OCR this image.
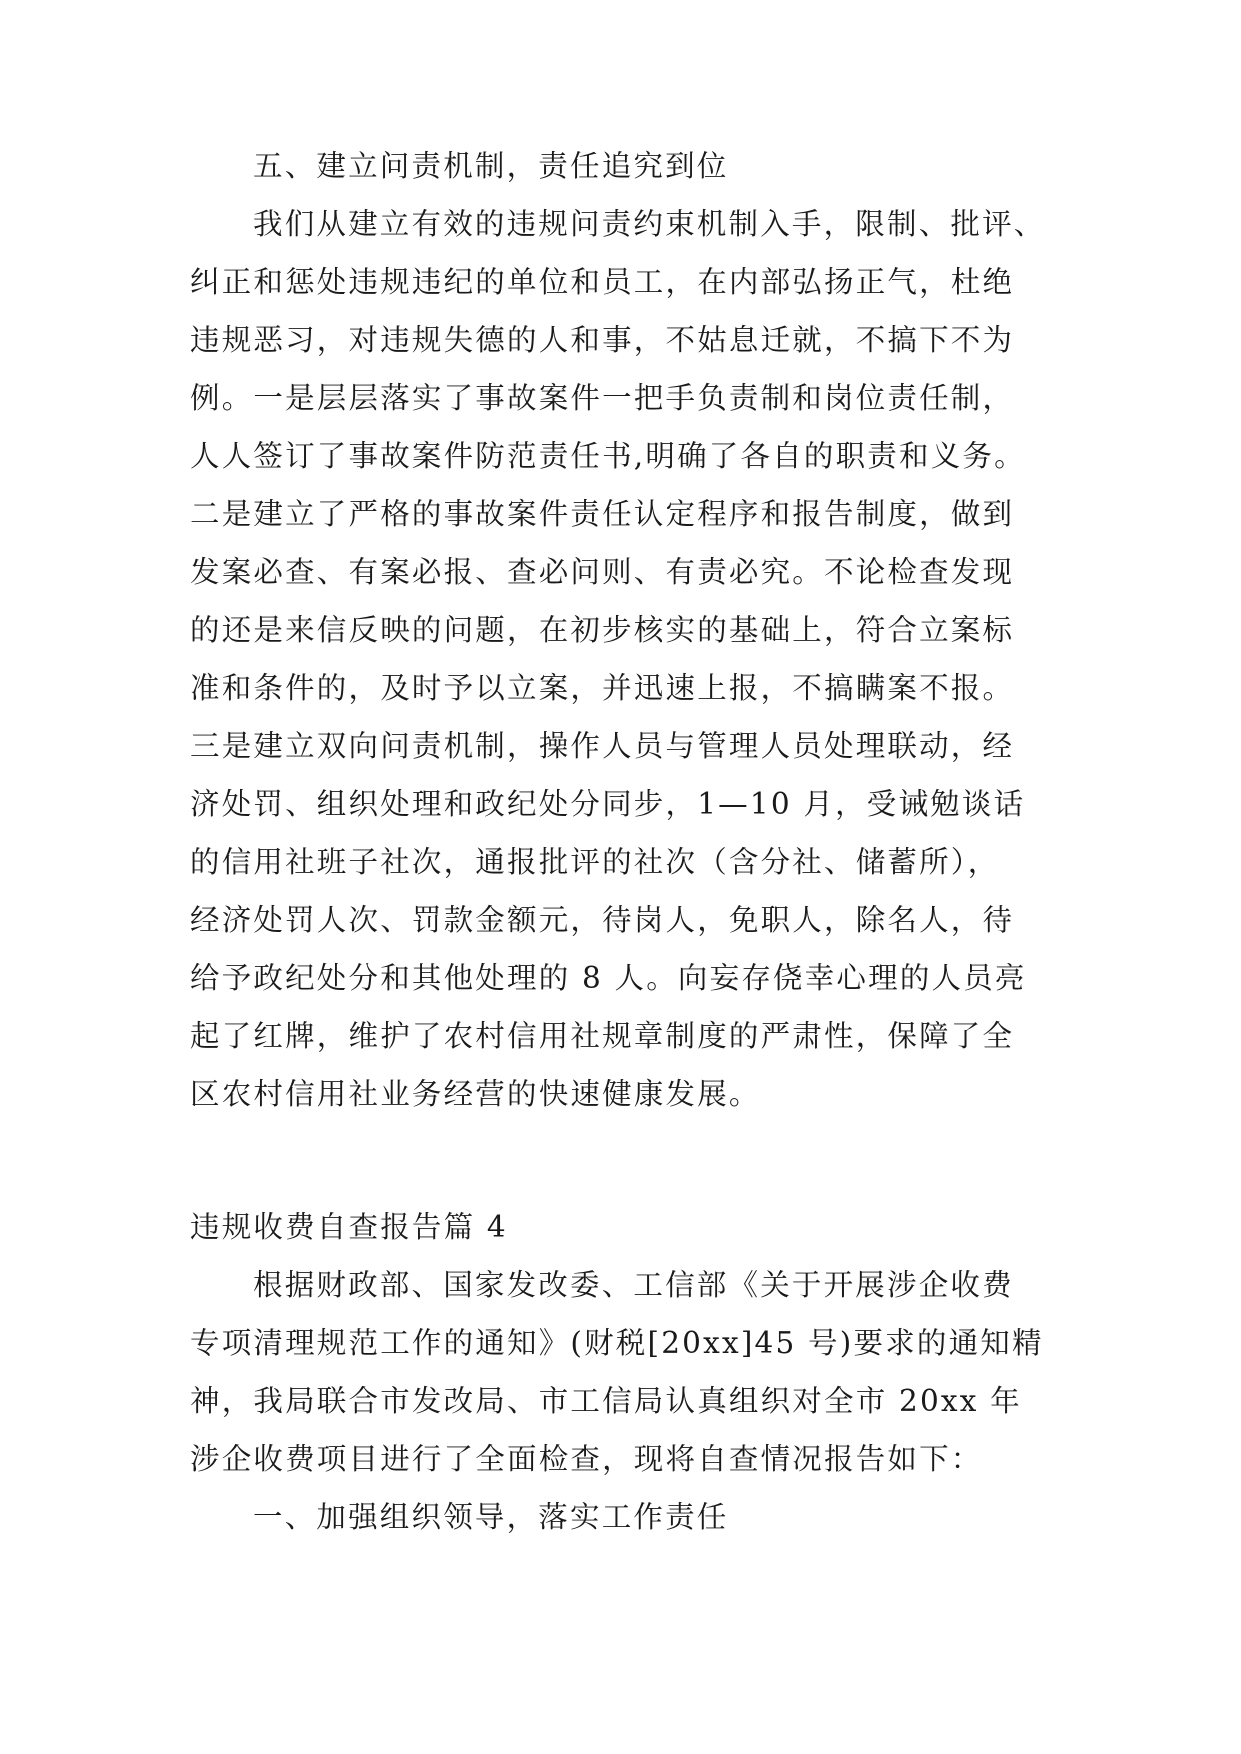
五、建立问责机制，责任追究到位
我们从建立有效的违规问责约束机制入手，限制、批评、
纠正和惩处违规违纪的单位和员工，在内部弘扬正气，杜绝
违规恶习，对违规失德的人和事，不姑息迁就，不搞下不为
例。一是层层落实了事故案件一把手负责制和岗位责任制，
人人签订了事故案件防范责任书,明确了各自的职责和义务。
二是建立了严格的事故案件责任认定程序和报告制度，做到
发案必查、有案必报、查必问则、有责必究。不论检查发现
的还是来信反映的问题，在初步核实的基础上，符合立案标
准和条件的，及时予以立案，并迅速上报，不搞瞒案不报。
三是建立双向问责机制，操作人员与管理人员处理联动，经
济处罚、组织处理和政纪处分同步，1—10 月，受诫勉谈话
的信用社班子社次，通报批评的社次（含分社、储蓄所），
经济处罚人次、罚款金额元，待岗人，免职人，除名人，待
给予政纪处分和其他处理的 8 人。向妄存侥幸心理的人员亮
起了红牌，维护了农村信用社规章制度的严肃性，保障了全
区农村信用社业务经营的快速健康发展。
违规收费自查报告篇 4
根据财政部、国家发改委、工信部《关于开展涉企收费
专项清理规范工作的通知》(财税[20xx]45 号)要求的通知精
神，我局联合市发改局、市工信局认真组织对全市 20xx 年
涉企收费项目进行了全面检查，现将自查情况报告如下：
一、加强组织领导，落实工作责任
